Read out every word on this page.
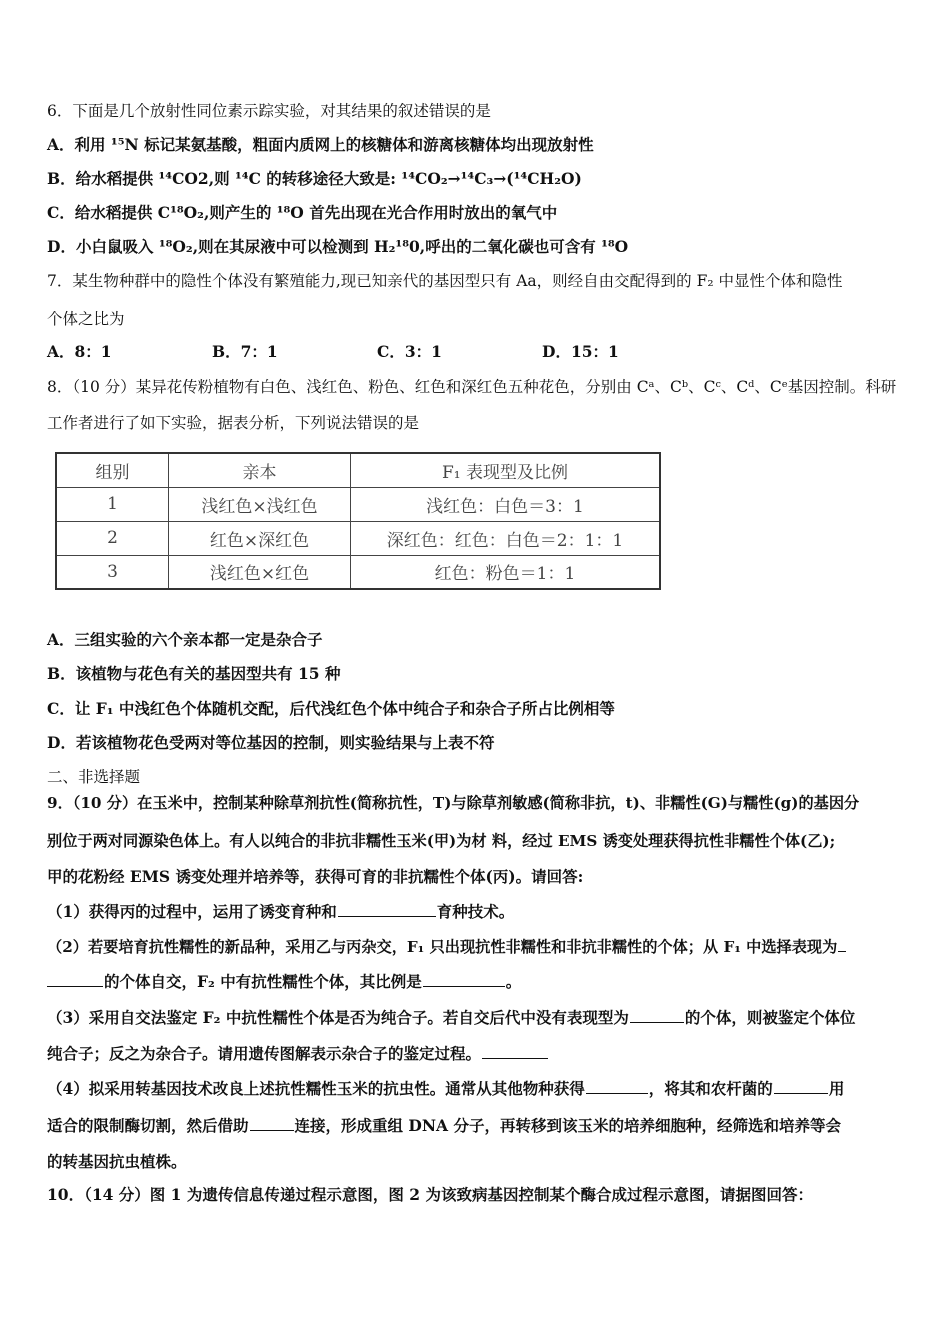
6．下面是几个放射性同位素示踪实验，对其结果的叙述错误的是
A．利用 ¹⁵N 标记某氨基酸，粗面内质网上的核糖体和游离核糖体均出现放射性
B．给水稻提供 ¹⁴CO2,则 ¹⁴C 的转移途径大致是: ¹⁴CO₂→¹⁴C₃→(¹⁴CH₂O)
C．给水稻提供 C¹⁸O₂,则产生的 ¹⁸O 首先出现在光合作用时放出的氧气中
D．小白鼠吸入 ¹⁸O₂,则在其尿液中可以检测到 H₂¹⁸0,呼出的二氧化碳也可含有 ¹⁸O
7．某生物种群中的隐性个体没有繁殖能力,现已知亲代的基因型只有 Aa，则经自由交配得到的 F₂ 中显性个体和隐性
个体之比为
A．8：1	B．7：1	C．3：1	D．15：1
8．（10 分）某异花传粉植物有白色、浅红色、粉色、红色和深红色五种花色，分别由 Cᵃ、Cᵇ、Cᶜ、Cᵈ、Cᵉ基因控制。科研
工作者进行了如下实验，据表分析，下列说法错误的是
组别	亲本	F₁ 表现型及比例
1	浅红色×浅红色	浅红色：白色＝3：1
2	红色×深红色	深红色：红色：白色＝2：1：1
3	浅红色×红色	红色：粉色＝1：1
A．三组实验的六个亲本都一定是杂合子
B．该植物与花色有关的基因型共有 15 种
C．让 F₁ 中浅红色个体随机交配，后代浅红色个体中纯合子和杂合子所占比例相等
D．若该植物花色受两对等位基因的控制，则实验结果与上表不符
二、非选择题
9．（10 分）在玉米中，控制某种除草剂抗性(简称抗性，T)与除草剂敏感(简称非抗，t)、非糯性(G)与糯性(g)的基因分
别位于两对同源染色体上。有人以纯合的非抗非糯性玉米(甲)为材 料，经过 EMS 诱变处理获得抗性非糯性个体(乙);
甲的花粉经 EMS 诱变处理并培养等，获得可育的非抗糯性个体(丙)。请回答:
（1）获得丙的过程中，运用了诱变育种和	育种技术。
（2）若要培育抗性糯性的新品种，采用乙与丙杂交，F₁ 只出现抗性非糯性和非抗非糯性的个体；从 F₁ 中选择表现为
的个体自交，F₂ 中有抗性糯性个体，其比例是	。
（3）采用自交法鉴定 F₂ 中抗性糯性个体是否为纯合子。若自交后代中没有表现型为	的个体，则被鉴定个体位
纯合子；反之为杂合子。请用遗传图解表示杂合子的鉴定过程。
（4）拟采用转基因技术改良上述抗性糯性玉米的抗虫性。通常从其他物种获得	，将其和农杆菌的	用
适合的限制酶切割，然后借助	连接，形成重组 DNA 分子，再转移到该玉米的培养细胞种，经筛选和培养等会
的转基因抗虫植株。
10．（14 分）图 1 为遗传信息传递过程示意图，图 2 为该致病基因控制某个酶合成过程示意图，请据图回答：
